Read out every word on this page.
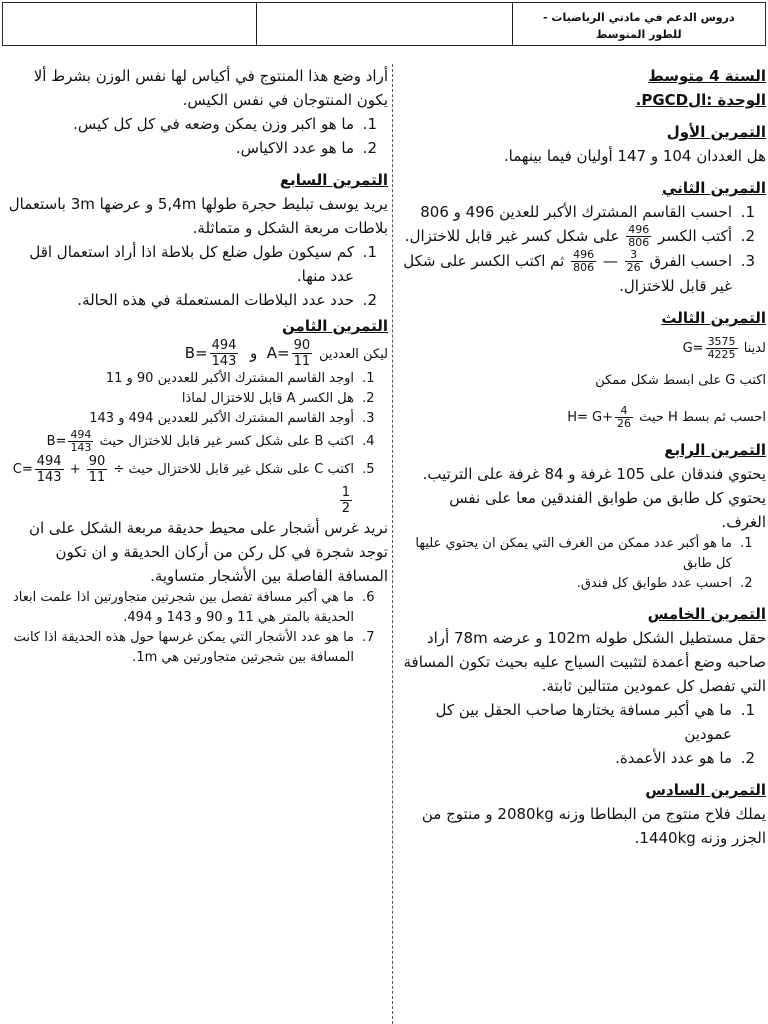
دروس الدعم في مادتي الرياضيات -
للطور المتوسط

السنة 4 متوسط

الوحدة :الPGCD.

التمرين الأول

هل العددان 104 و 147 أوليان فيما بينهما.

التمرين الثاني

1. احسب القاسم المشترك الأكبر للعدين 496 و 806
2. أكتب الكسر
$\frac{496}{806}$
على شكل كسر غير قابل للاختزال.
3. احسب الفرق
$\frac{496}{806}$ — $\frac{3}{26}$
ثم اكتب الكسر على شكل غير قابل للاختزال.

التمرين الثالث

لدينا $G= \frac{3575}{4225}$

اكتب G على ابسط شكل ممكن

احسب ثم بسط H حيث $H= G+ \frac{4}{26}$

التمرين الرابع

يحتوي فندقان على 105 غرفة و 84 غرفة على الترتيب. يحتوي كل طابق من طوابق الفندقين معا على نفس الغرف.

1. ما هو أكبر عدد ممكن من الغرف التي يمكن ان يحتوي عليها كل طابق
2. احسب عدد طوابق كل فندق.

التمرين الخامس

حقل مستطيل الشكل طوله 102m و عرضه 78m أراد صاحبه وضع أعمدة لتثبيت السياج عليه بحيث تكون المسافة التي تفصل كل عمودين متتالين ثابتة.

1. ما هي أكبر مسافة يختارها صاحب الحقل بين كل عمودين
2. ما هو عدد الأعمدة.

التمرين السادس

يملك فلاح منتوج من البطاطا وزنه 2080kg و منتوج من الجزر وزنه 1440kg.

أراد وضع هذا المنتوج في أكياس لها نفس الوزن بشرط ألا يكون المنتوجان في نفس الكيس.

1. ما هو اكبر وزن يمكن وضعه في كل كل كيس.
2. ما هو عدد الاكياس.

التمرين السابع

يريد يوسف تبليط حجرة طولها 5,4m و عرضها 3m باستعمال بلاطات مربعة الشكل و متماثلة.

1. كم سيكون طول ضلع كل بلاطة اذا أراد استعمال اقل عدد منها.
2. حدد عدد البلاطات المستعملة في هذه الحالة.

التمرين الثامن

ليكن العددين $B= \frac{494}{143}$ و $A= \frac{90}{11}$

1. اوجد القاسم المشترك الأكبر للعددين 90 و 11
2. هل الكسر A قابل للاختزال لماذا
3. أوجد القاسم المشترك الأكبر للعددين 494 و 143
4. اكتب B على شكل كسر غير قابل للاختزال حيث $B= \frac{494}{143}$
5. اكتب C على شكل غير قابل للاختزال حيث $C= \frac{494}{143} + \frac{90}{11}$ ÷
$\frac{1}{2}$

نريد غرس أشجار على محيط حديقة مربعة الشكل على ان توجد شجرة في كل ركن من أركان الحديقة و ان تكون المسافة الفاصلة بين الأشجار متساوية.

6. ما هي أكبر مسافة تفصل بين شجرتين متجاورتين اذا علمت ابعاد الحديقة بالمتر هي 11 و 90 و 143 و 494.
7. ما هو عدد الأشجار التي يمكن غرسها حول هذه الحديقة اذا كانت المسافة بين شجرتين متجاورتين هي 1m.
